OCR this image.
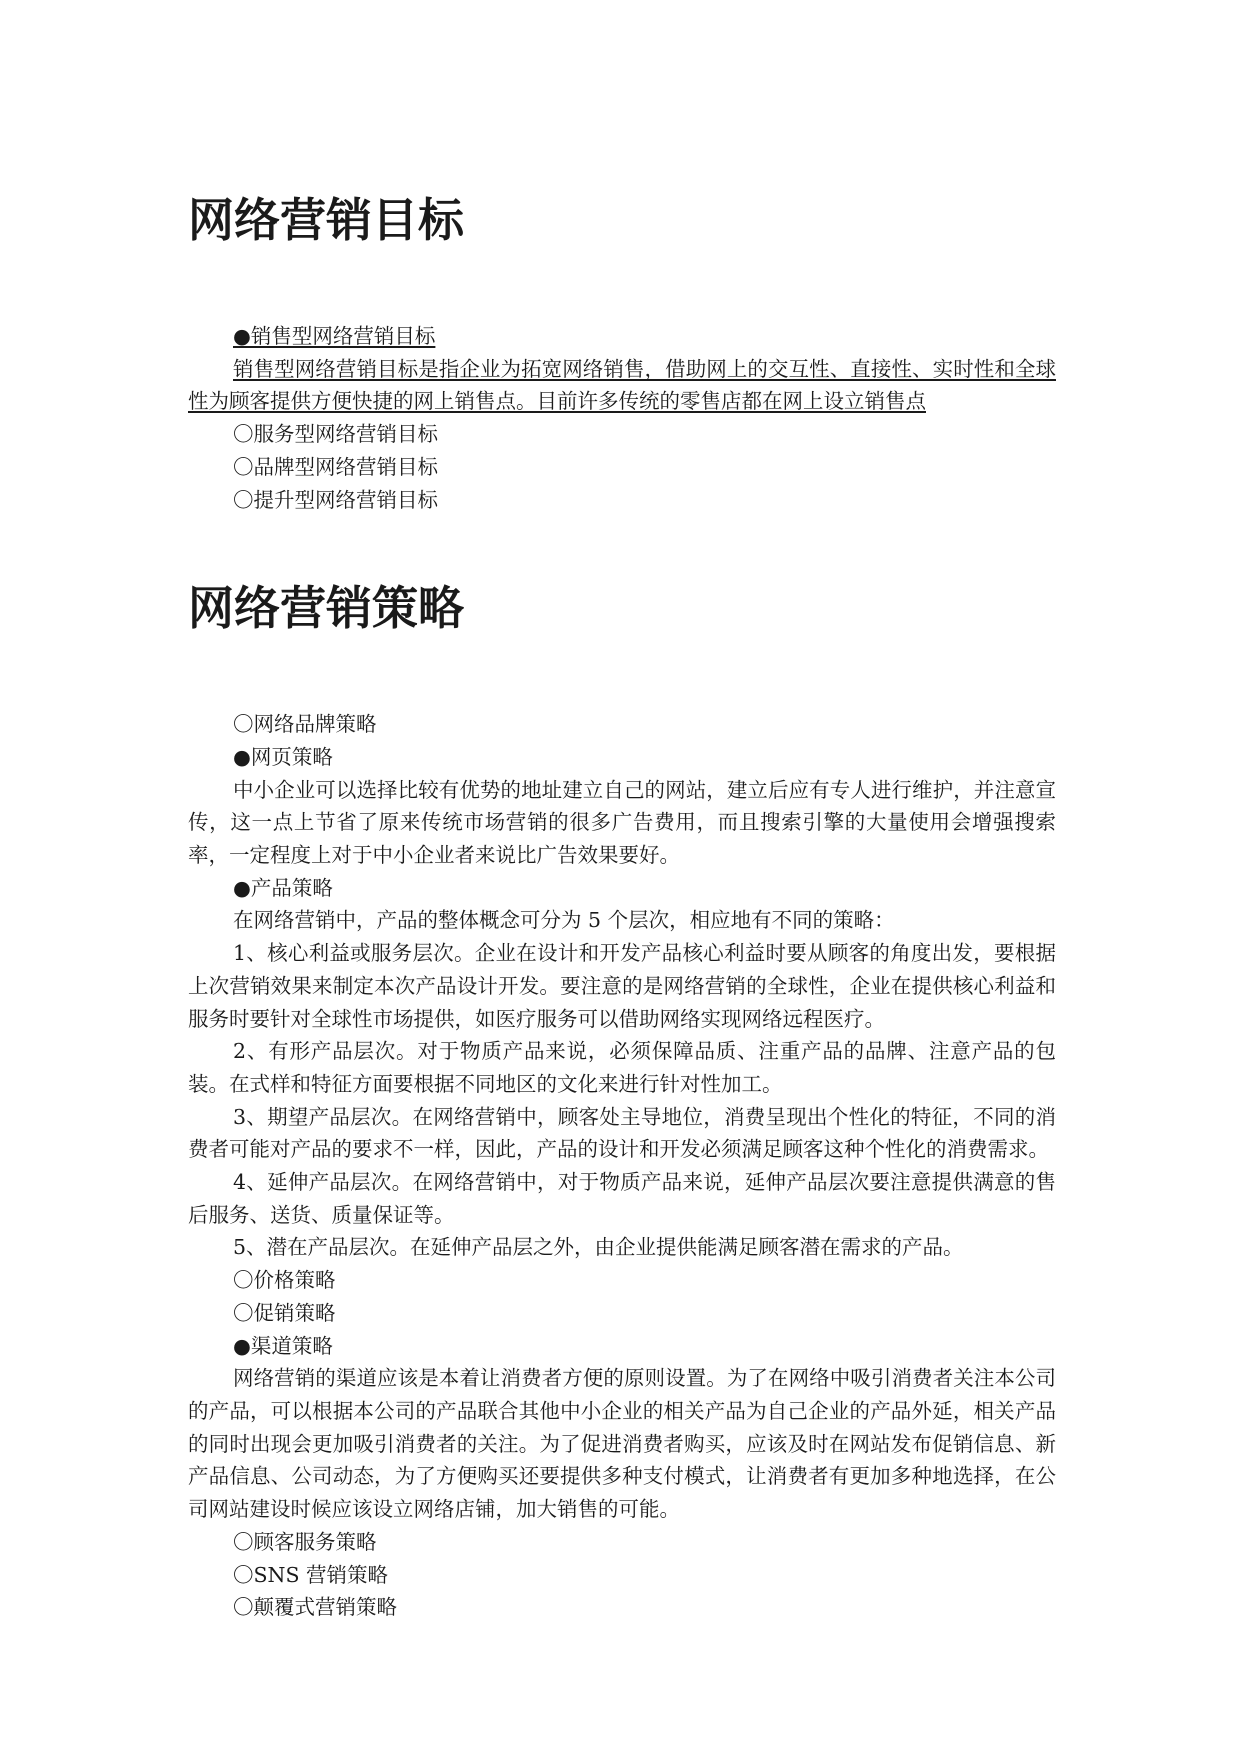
网络营销目标

●销售型网络营销目标

销售型网络营销目标是指企业为拓宽网络销售，借助网上的交互性、直接性、实时性和全球性为顾客提供方便快捷的网上销售点。目前许多传统的零售店都在网上设立销售点

〇服务型网络营销目标

〇品牌型网络营销目标

〇提升型网络营销目标

网络营销策略

〇网络品牌策略

●网页策略

中小企业可以选择比较有优势的地址建立自己的网站，建立后应有专人进行维护，并注意宣传，这一点上节省了原来传统市场营销的很多广告费用，而且搜索引擎的大量使用会增强搜索率，一定程度上对于中小企业者来说比广告效果要好。

●产品策略

在网络营销中，产品的整体概念可分为 5 个层次，相应地有不同的策略：

1、核心利益或服务层次。企业在设计和开发产品核心利益时要从顾客的角度出发，要根据上次营销效果来制定本次产品设计开发。要注意的是网络营销的全球性，企业在提供核心利益和服务时要针对全球性市场提供，如医疗服务可以借助网络实现网络远程医疗。

2、有形产品层次。对于物质产品来说，必须保障品质、注重产品的品牌、注意产品的包装。在式样和特征方面要根据不同地区的文化来进行针对性加工。

3、期望产品层次。在网络营销中，顾客处主导地位，消费呈现出个性化的特征，不同的消费者可能对产品的要求不一样，因此，产品的设计和开发必须满足顾客这种个性化的消费需求。

4、延伸产品层次。在网络营销中，对于物质产品来说，延伸产品层次要注意提供满意的售后服务、送货、质量保证等。

5、潜在产品层次。在延伸产品层之外，由企业提供能满足顾客潜在需求的产品。

〇价格策略

〇促销策略

●渠道策略

网络营销的渠道应该是本着让消费者方便的原则设置。为了在网络中吸引消费者关注本公司的产品，可以根据本公司的产品联合其他中小企业的相关产品为自己企业的产品外延，相关产品的同时出现会更加吸引消费者的关注。为了促进消费者购买，应该及时在网站发布促销信息、新产品信息、公司动态，为了方便购买还要提供多种支付模式，让消费者有更加多种地选择，在公司网站建设时候应该设立网络店铺，加大销售的可能。

〇顾客服务策略

〇SNS 营销策略

〇颠覆式营销策略
